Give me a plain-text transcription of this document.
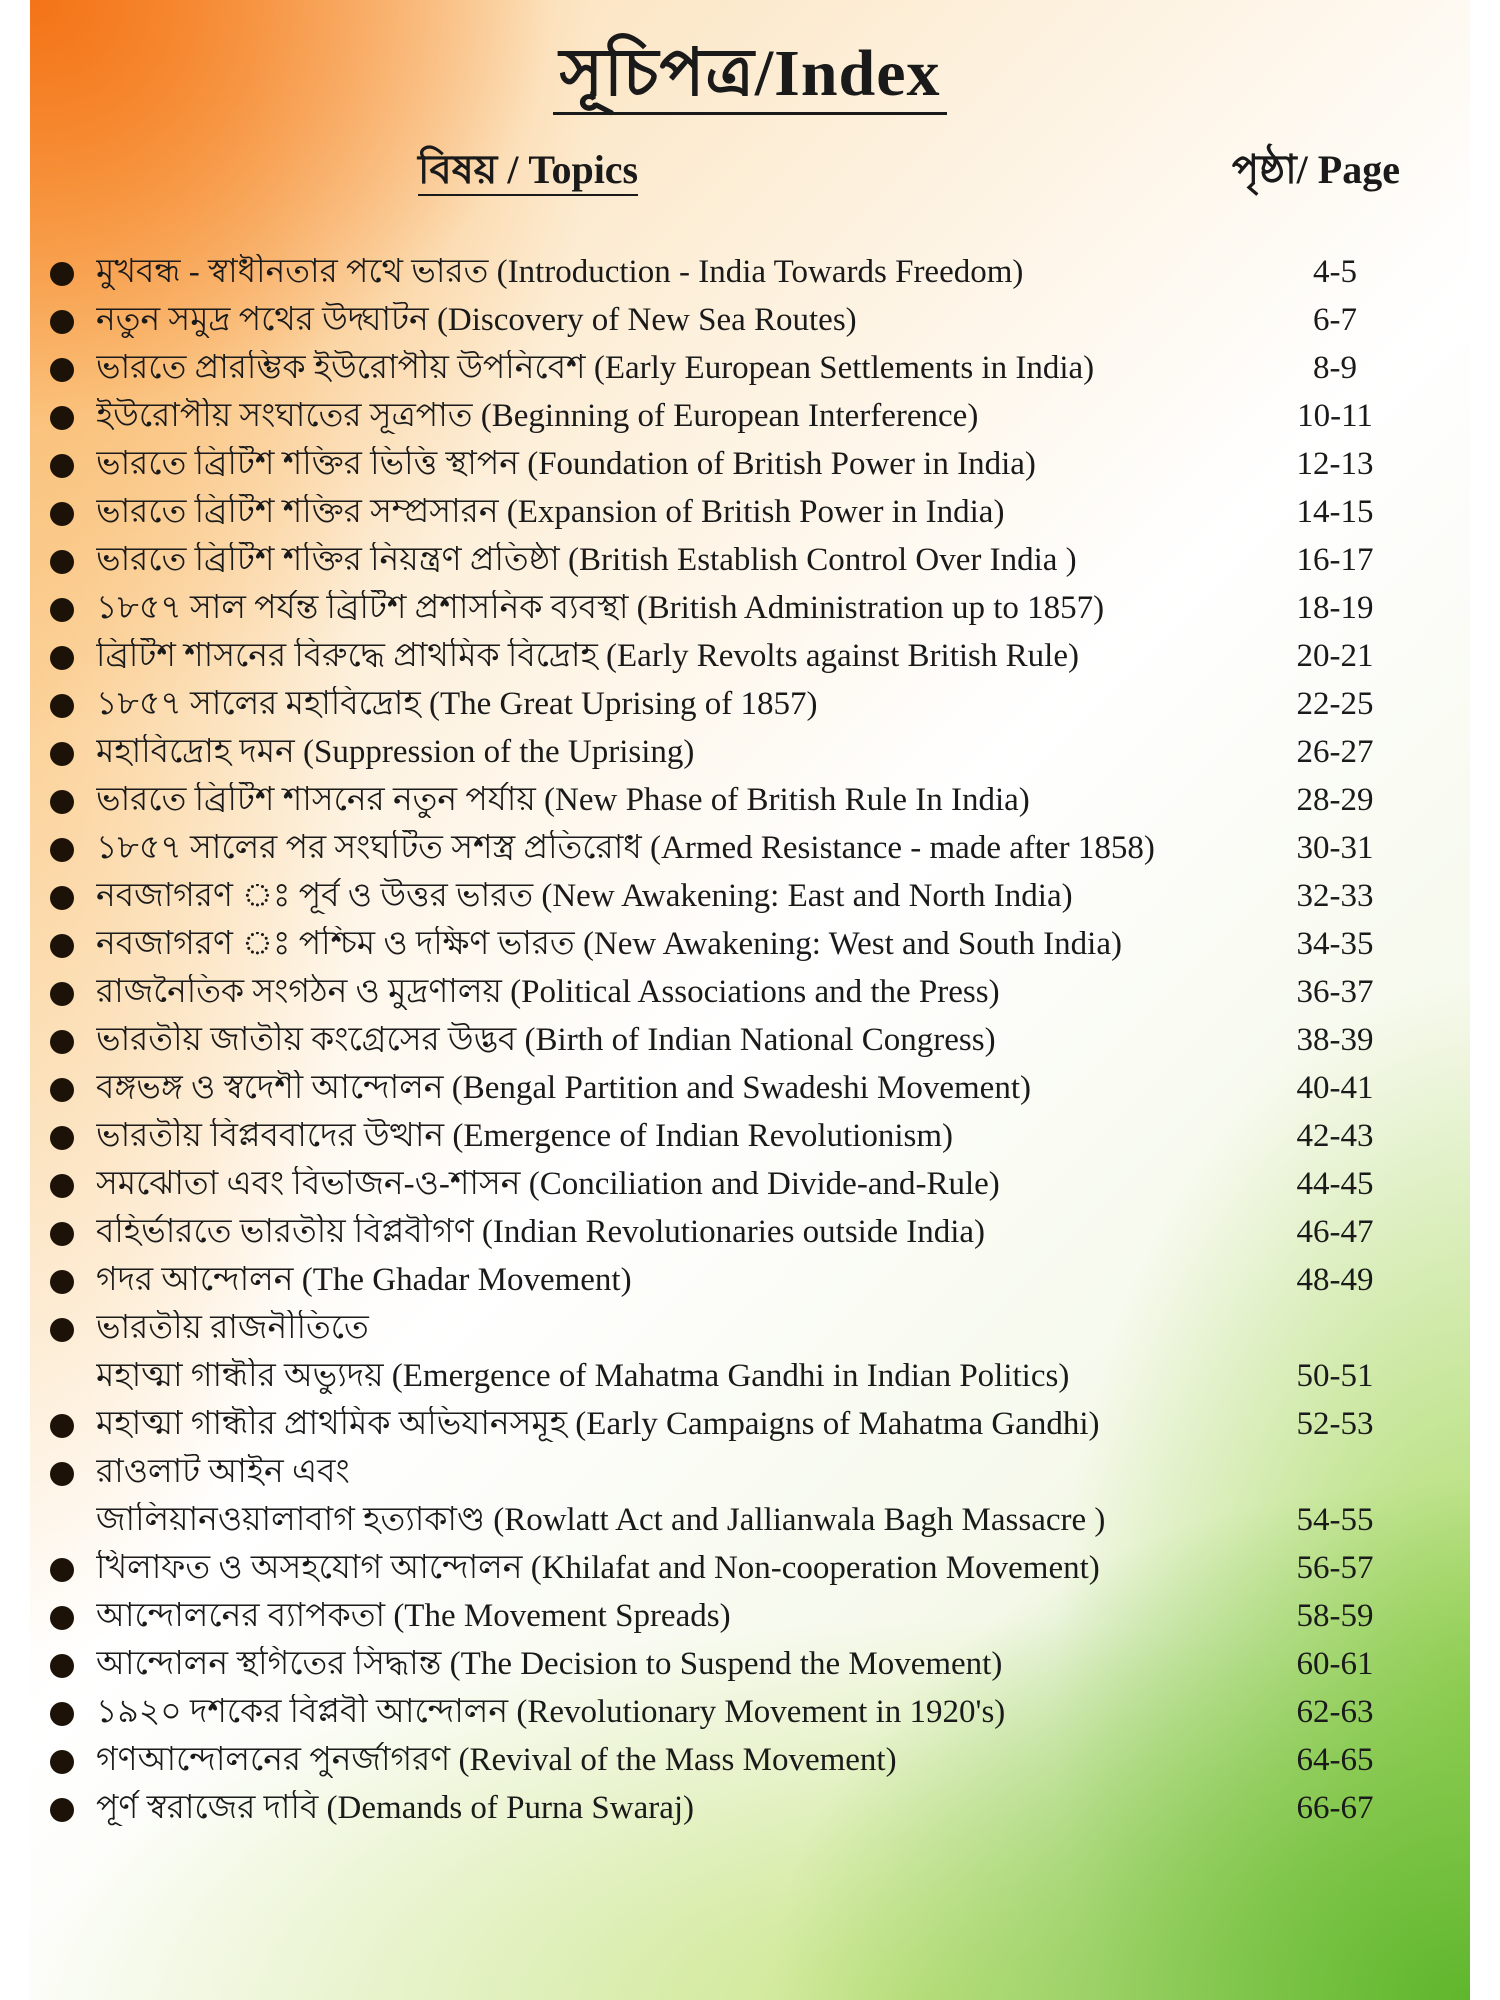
সূচিপত্র/Index
বিষয় / Topics	পৃষ্ঠা/ Page
মুখবন্ধ - স্বাধীনতার পথে ভারত (Introduction - India Towards Freedom)	4-5
নতুন সমুদ্র পথের উদ্ঘাটন (Discovery of New Sea Routes)	6-7
ভারতে প্রারম্ভিক ইউরোপীয় উপনিবেশ (Early European Settlements in India)	8-9
ইউরোপীয় সংঘাতের সূত্রপাত (Beginning of European Interference)	10-11
ভারতে ব্রিটিশ শক্তির ভিত্তি স্থাপন (Foundation of British Power in India)	12-13
ভারতে ব্রিটিশ শক্তির সম্প্রসারন (Expansion of British Power in India)	14-15
ভারতে ব্রিটিশ শক্তির নিয়ন্ত্রণ প্রতিষ্ঠা (British Establish Control Over India )	16-17
১৮৫৭ সাল পর্যন্ত ব্রিটিশ প্রশাসনিক ব্যবস্থা (British Administration up to 1857)	18-19
ব্রিটিশ শাসনের বিরুদ্ধে প্রাথমিক বিদ্রোহ (Early Revolts against British Rule)	20-21
১৮৫৭ সালের মহাবিদ্রোহ (The Great Uprising of 1857)	22-25
মহাবিদ্রোহ দমন (Suppression of the Uprising)	26-27
ভারতে ব্রিটিশ শাসনের নতুন পর্যায় (New Phase of British Rule In India)	28-29
১৮৫৭ সালের পর সংঘটিত সশস্ত্র প্রতিরোধ (Armed Resistance - made after 1858)	30-31
নবজাগরণ ঃ পূর্ব ও উত্তর ভারত (New Awakening: East and North India)	32-33
নবজাগরণ ঃ পশ্চিম ও দক্ষিণ ভারত (New Awakening: West and South India)	34-35
রাজনৈতিক সংগঠন ও মুদ্রণালয় (Political Associations and the Press)	36-37
ভারতীয় জাতীয় কংগ্রেসের উদ্ভব (Birth of Indian National Congress)	38-39
বঙ্গভঙ্গ ও স্বদেশী আন্দোলন (Bengal Partition and Swadeshi Movement)	40-41
ভারতীয় বিপ্লববাদের উত্থান (Emergence of Indian Revolutionism)	42-43
সমঝোতা এবং বিভাজন-ও-শাসন (Conciliation and Divide-and-Rule)	44-45
বহির্ভারতে ভারতীয় বিপ্লবীগণ (Indian Revolutionaries outside India)	46-47
গদর আন্দোলন (The Ghadar Movement)	48-49
ভারতীয় রাজনীতিতে
মহাত্মা গান্ধীর অভ্যুদয় (Emergence of Mahatma Gandhi in Indian Politics)	50-51
মহাত্মা গান্ধীর প্রাথমিক অভিযানসমূহ (Early Campaigns of Mahatma Gandhi)	52-53
রাওলাট আইন এবং
জালিয়ানওয়ালাবাগ হত্যাকাণ্ড (Rowlatt Act and Jallianwala Bagh Massacre )	54-55
খিলাফত ও অসহযোগ আন্দোলন (Khilafat and Non-cooperation Movement)	56-57
আন্দোলনের ব্যাপকতা (The Movement Spreads)	58-59
আন্দোলন স্থগিতের সিদ্ধান্ত (The Decision to Suspend the Movement)	60-61
১৯২০ দশকের বিপ্লবী আন্দোলন (Revolutionary Movement in 1920's)	62-63
গণআন্দোলনের পুনর্জাগরণ (Revival of the Mass Movement)	64-65
পূর্ণ স্বরাজের দাবি (Demands of Purna Swaraj)	66-67
